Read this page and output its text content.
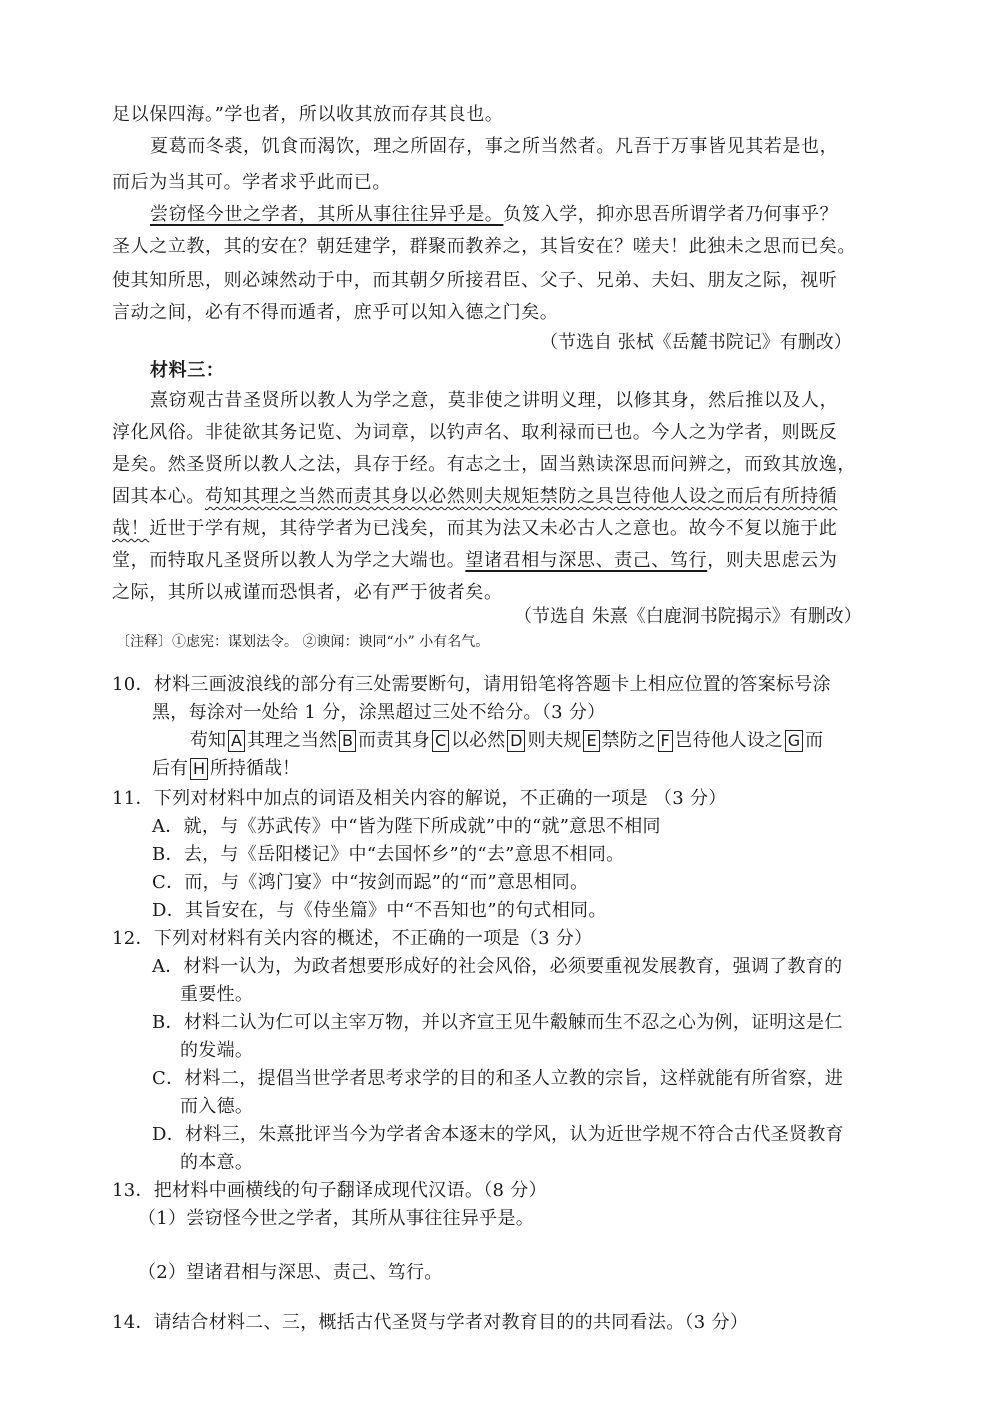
足以保四海。”学也者，所以收其放而存其良也。
夏葛而冬裘，饥食而渴饮，理之所固存，事之所当然者。凡吾于万事皆见其若是也，
而后为当其可。学者求乎此而已。
尝窃怪今世之学者，其所从事往往异乎是。负笈入学，抑亦思吾所谓学者乃何事乎？
圣人之立教，其的安在？朝廷建学，群聚而教养之，其旨安在？嗟夫！此独未之思而已矣。
使其知所思，则必竦然动于中，而其朝夕所接君臣、父子、兄弟、夫妇、朋友之际，视听
言动之间，必有不得而遁者，庶乎可以知入德之门矣。
（节选自 张栻《岳麓书院记》有删改）
材料三：
熹窃观古昔圣贤所以教人为学之意，莫非使之讲明义理，以修其身，然后推以及人，
淳化风俗。非徒欲其务记览、为词章，以钓声名、取利禄而已也。今人之为学者，则既反
是矣。然圣贤所以教人之法，具存于经。有志之士，固当熟读深思而问辨之，而致其放逸，
固其本心。苟知其理之当然而责其身以必然则夫规矩禁防之具岂待他人设之而后有所持循
哉！近世于学有规，其待学者为已浅矣，而其为法又未必古人之意也。故今不复以施于此
堂，而特取凡圣贤所以教人为学之大端也。望诸君相与深思、责己、笃行，则夫思虑云为
之际，其所以戒谨而恐惧者，必有严于彼者矣。
（节选自 朱熹《白鹿洞书院揭示》有删改）
〔注释〕①虑宪：谋划法令。 ②谀闻：谀同“小” 小有名气。
10．材料三画波浪线的部分有三处需要断句，请用铅笔将答题卡上相应位置的答案标号涂
黑，每涂对一处给 1 分，涂黑超过三处不给分。（3 分）
苟知 A 其理之当然 B 而责其身 C 以必然 D 则夫规 E 禁防之 F 岂待他人设之 G 而
后有 H 所持循哉！
11．下列对材料中加点的词语及相关内容的解说，不正确的一项是 （3 分）
A．就，与《苏武传》中“皆为陛下所成就”中的“就”意思不相同
B．去，与《岳阳楼记》中“去国怀乡”的“去”意思不相同。
C．而，与《鸿门宴》中“按剑而跽”的“而”意思相同。
D．其旨安在，与《侍坐篇》中“不吾知也”的句式相同。
12．下列对材料有关内容的概述，不正确的一项是（3 分）
A．材料一认为，为政者想要形成好的社会风俗，必须要重视发展教育，强调了教育的
重要性。
B．材料二认为仁可以主宰万物，并以齐宣王见牛觳觫而生不忍之心为例，证明这是仁
的发端。
C．材料二，提倡当世学者思考求学的目的和圣人立教的宗旨，这样就能有所省察，进
而入德。
D．材料三，朱熹批评当今为学者舍本逐末的学风，认为近世学规不符合古代圣贤教育
的本意。
13．把材料中画横线的句子翻译成现代汉语。（8 分）
（1）尝窃怪今世之学者，其所从事往往异乎是。
（2）望诸君相与深思、责己、笃行。
14．请结合材料二、三，概括古代圣贤与学者对教育目的的共同看法。（3 分）
